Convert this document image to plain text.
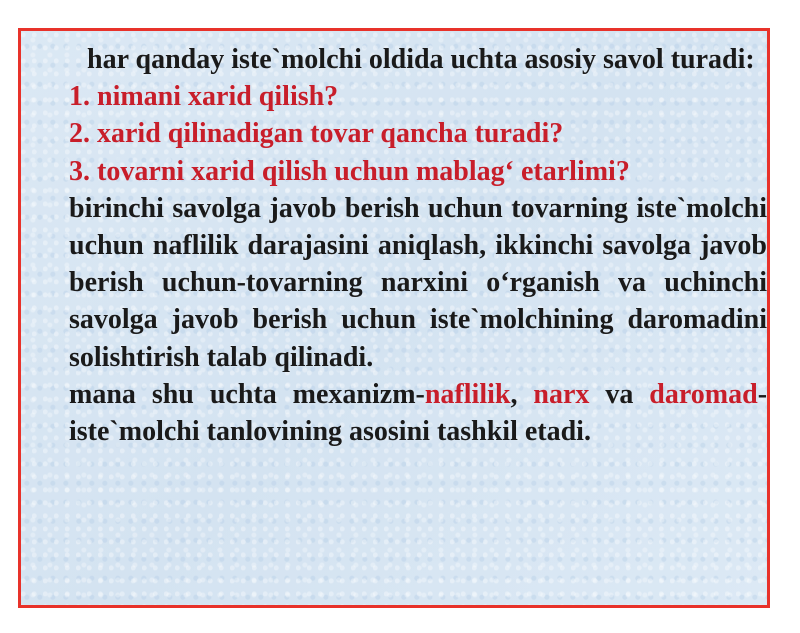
har qanday iste`molchi oldida uchta asosiy savol turadi:

1. nimani xarid qilish?

2. xarid qilinadigan tovar qancha turadi?

3. tovarni xarid qilish uchun mablag‘ etarlimi?

birinchi savolga javob berish uchun tovarning iste`molchi uchun naflilik darajasini aniqlash, ikkinchi savolga javob berish uchun-tovarning narxini o‘rganish va uchinchi savolga javob berish uchun iste`molchining daromadini solishtirish talab qilinadi.

mana shu uchta mexanizm-naflilik, narx va daromad-iste`molchi tanlovining asosini tashkil etadi.
